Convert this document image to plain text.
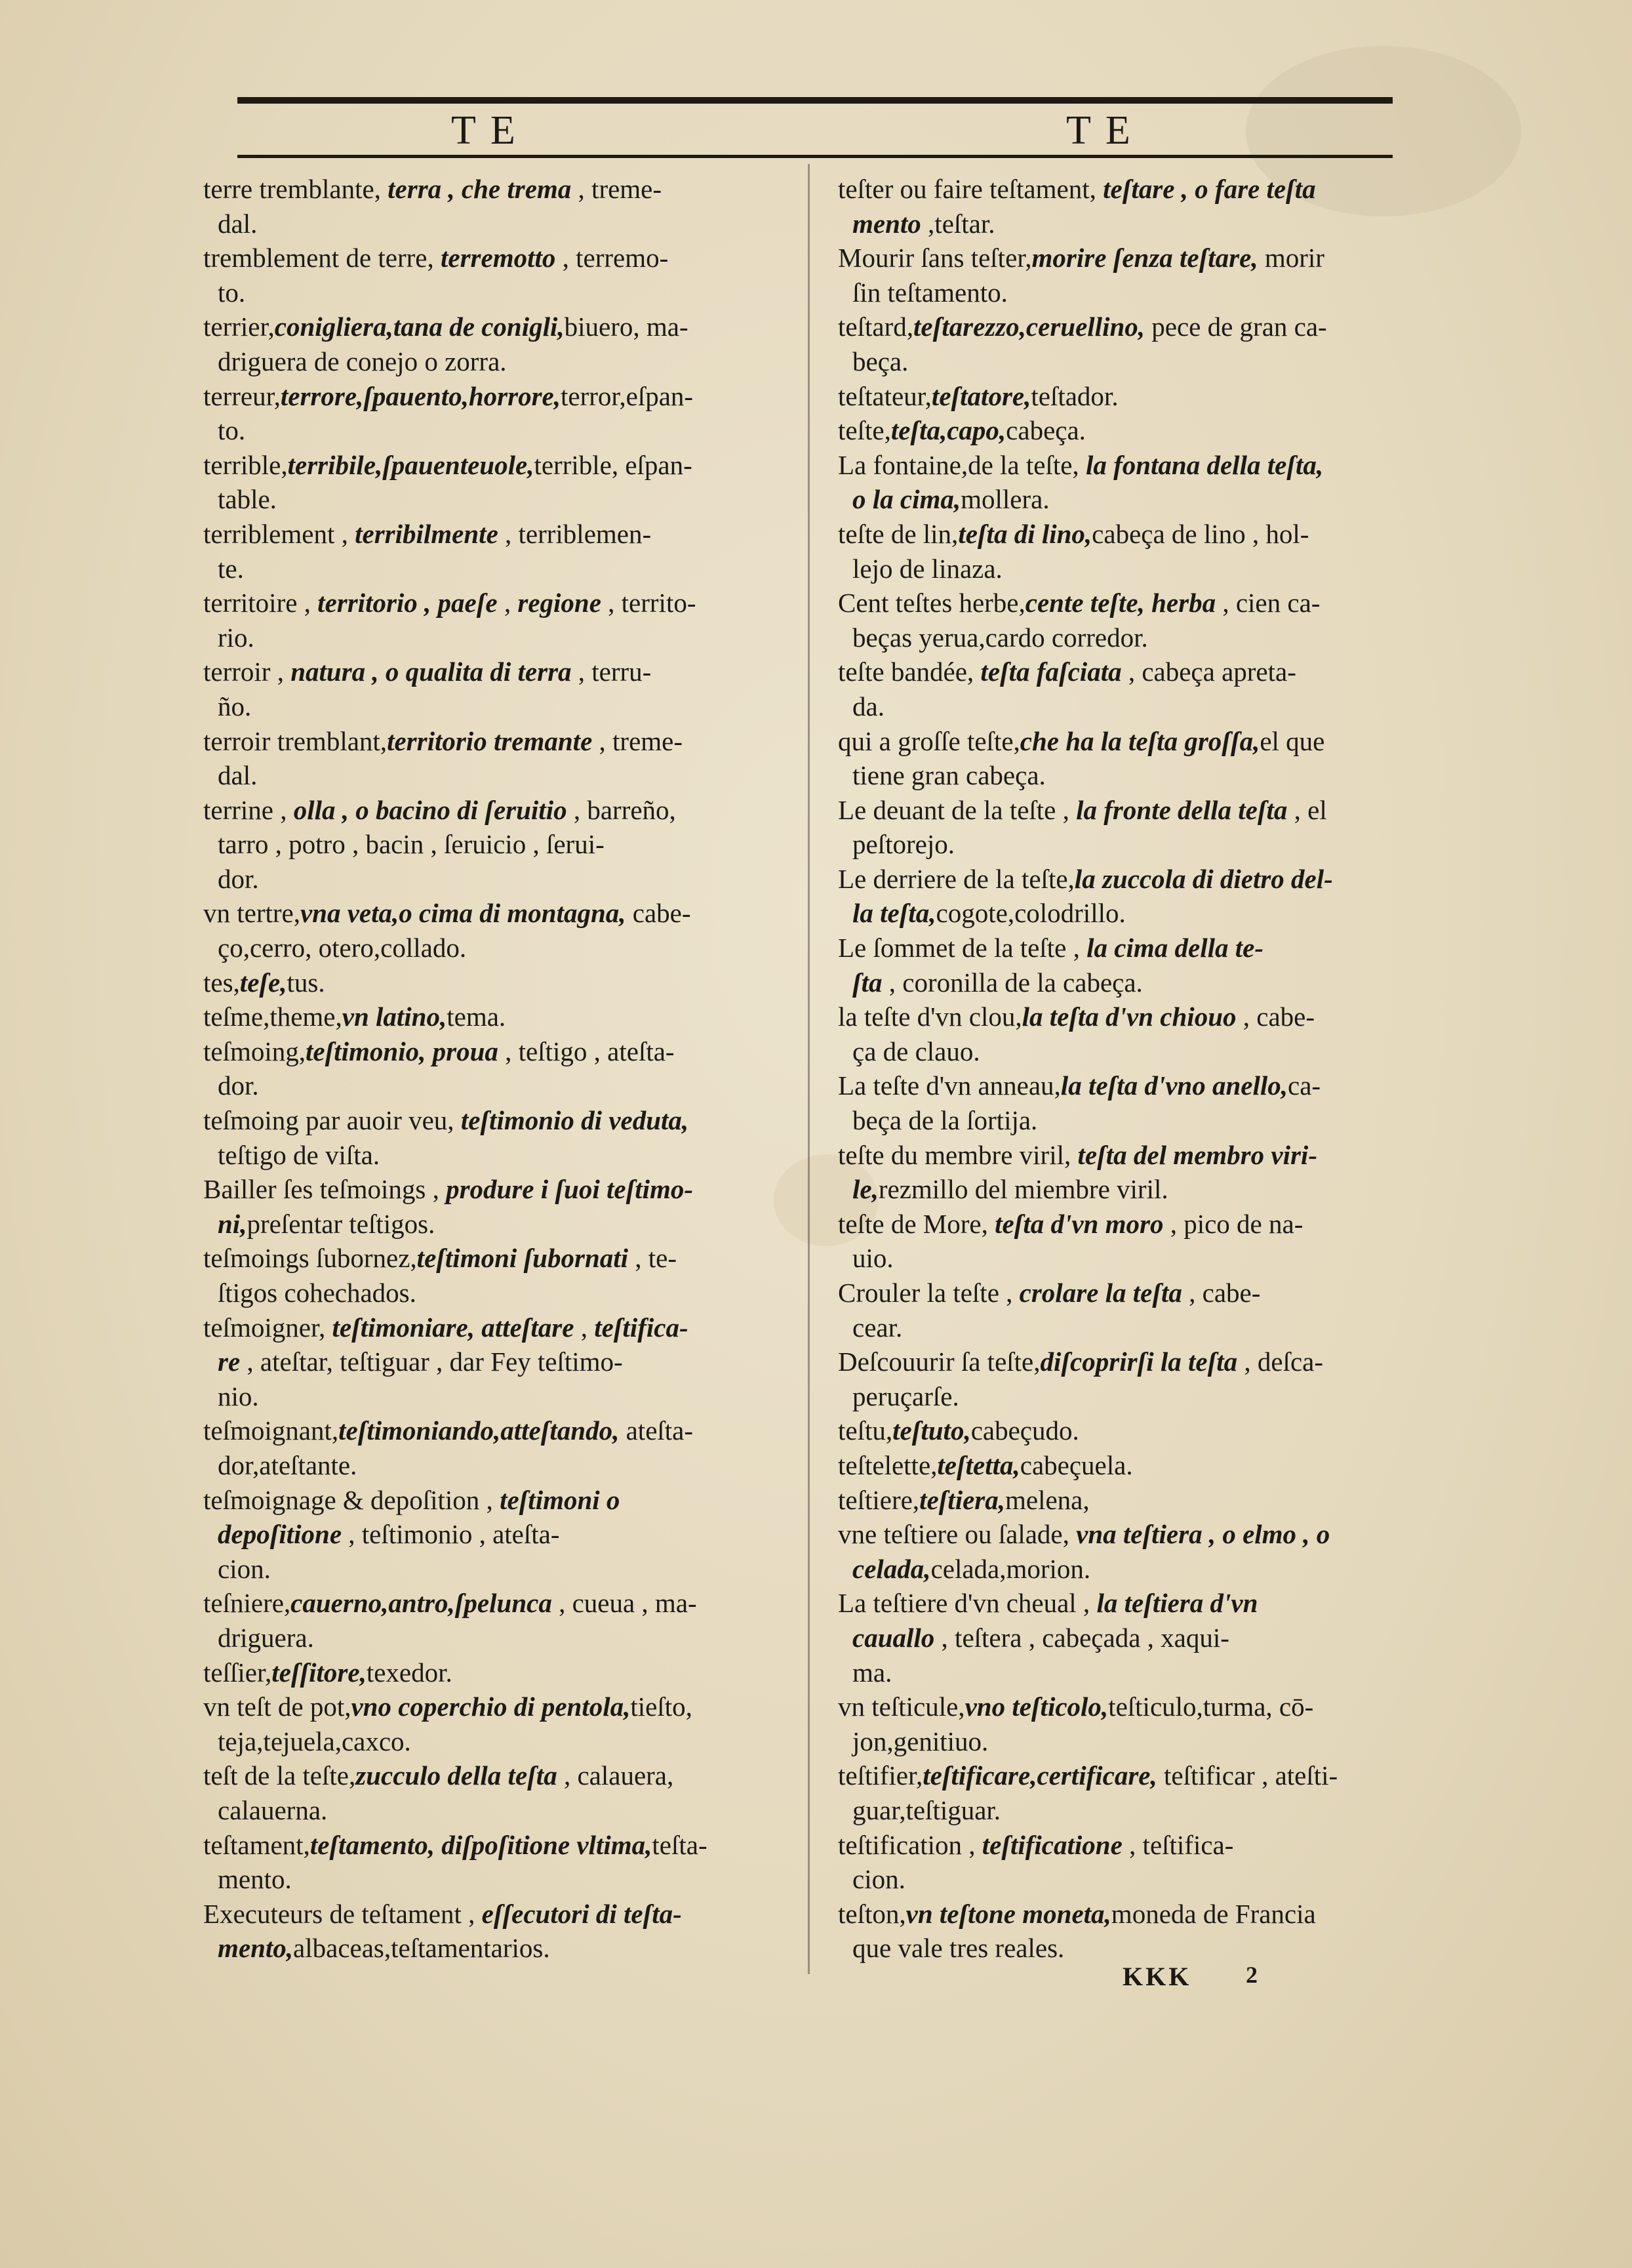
TE	TE
terre tremblante, terra , che trema , treme-
dal.
tremblement de terre, terremotto , terremo-
to.
terrier,conigliera,tana de conigli,biuero, ma-
driguera de conejo o zorra.
terreur,terrore,ſpauento,horrore,terror,eſpan-
to.
terrible,terribile,ſpauenteuole,terrible, eſpan-
table.
terriblement , terribilmente , terriblemen-
te.
territoire , territorio , paeſe , regione , territo-
rio.
terroir , natura , o qualita di terra , terru-
ño.
terroir tremblant,territorio tremante , treme-
dal.
terrine , olla , o bacino di ſeruitio , barreño,
tarro , potro , bacin , ſeruicio , ſerui-
dor.
vn tertre,vna veta,o cima di montagna, cabe-
ço,cerro, otero,collado.
tes,teſe,tus.
teſme,theme,vn latino,tema.
teſmoing,teſtimonio, proua , teſtigo , ateſta-
dor.
teſmoing par auoir veu, teſtimonio di veduta,
teſtigo de viſta.
Bailler ſes teſmoings , produre i ſuoi teſtimo-
ni,preſentar teſtigos.
teſmoings ſubornez,teſtimoni ſubornati , te-
ſtigos cohechados.
teſmoigner, teſtimoniare, atteſtare , teſtifica-
re , ateſtar, teſtiguar , dar Fey teſtimo-
nio.
teſmoignant,teſtimoniando,atteſtando, ateſta-
dor,ateſtante.
teſmoignage & depoſition , teſtimoni o
depoſitione , teſtimonio , ateſta-
cion.
teſniere,cauerno,antro,ſpelunca , cueua , ma-
driguera.
teſſier,teſſitore,texedor.
vn teſt de pot,vno coperchio di pentola,tieſto,
teja,tejuela,caxco.
teſt de la teſte,zucculo della teſta , calauera,
calauerna.
teſtament,teſtamento, diſpoſitione vltima,teſta-
mento.
Executeurs de teſtament , eſſecutori di teſta-
mento,albaceas,teſtamentarios.
teſter ou faire teſtament, teſtare , o fare teſta
mento ,teſtar.
Mourir ſans teſter,morire ſenza teſtare, morir
ſin teſtamento.
teſtard,teſtarezzo,ceruellino, pece de gran ca-
beça.
teſtateur,teſtatore,teſtador.
teſte,teſta,capo,cabeça.
La fontaine,de la teſte, la fontana della teſta,
o la cima,mollera.
teſte de lin,teſta di lino,cabeça de lino , hol-
lejo de linaza.
Cent teſtes herbe,cente teſte, herba , cien ca-
beças yerua,cardo corredor.
teſte bandée, teſta faſciata , cabeça apreta-
da.
qui a groſſe teſte,che ha la teſta groſſa,el que
tiene gran cabeça.
Le deuant de la teſte , la fronte della teſta , el
peſtorejo.
Le derriere de la teſte,la zuccola di dietro del-
la teſta,cogote,colodrillo.
Le ſommet de la teſte , la cima della te-
ſta , coronilla de la cabeça.
la teſte d'vn clou,la teſta d'vn chiouo , cabe-
ça de clauo.
La teſte d'vn anneau,la teſta d'vno anello,ca-
beça de la ſortija.
teſte du membre viril, teſta del membro viri-
le,rezmillo del miembre viril.
teſte de More, teſta d'vn moro , pico de na-
uio.
Crouler la teſte , crolare la teſta , cabe-
cear.
Deſcouurir ſa teſte,diſcoprirſi la teſta , deſca-
peruçarſe.
teſtu,teſtuto,cabeçudo.
teſtelette,teſtetta,cabeçuela.
teſtiere,teſtiera,melena,
vne teſtiere ou ſalade, vna teſtiera , o elmo , o
celada,celada,morion.
La teſtiere d'vn cheual , la teſtiera d'vn
cauallo , teſtera , cabeçada , xaqui-
ma.
vn teſticule,vno teſticolo,teſticulo,turma, cō-
jon,genitiuo.
teſtifier,teſtificare,certificare, teſtificar , ateſti-
guar,teſtiguar.
teſtification , teſtificatione , teſtifica-
cion.
teſton,vn teſtone moneta,moneda de Francia
que vale tres reales.
KKK 2
